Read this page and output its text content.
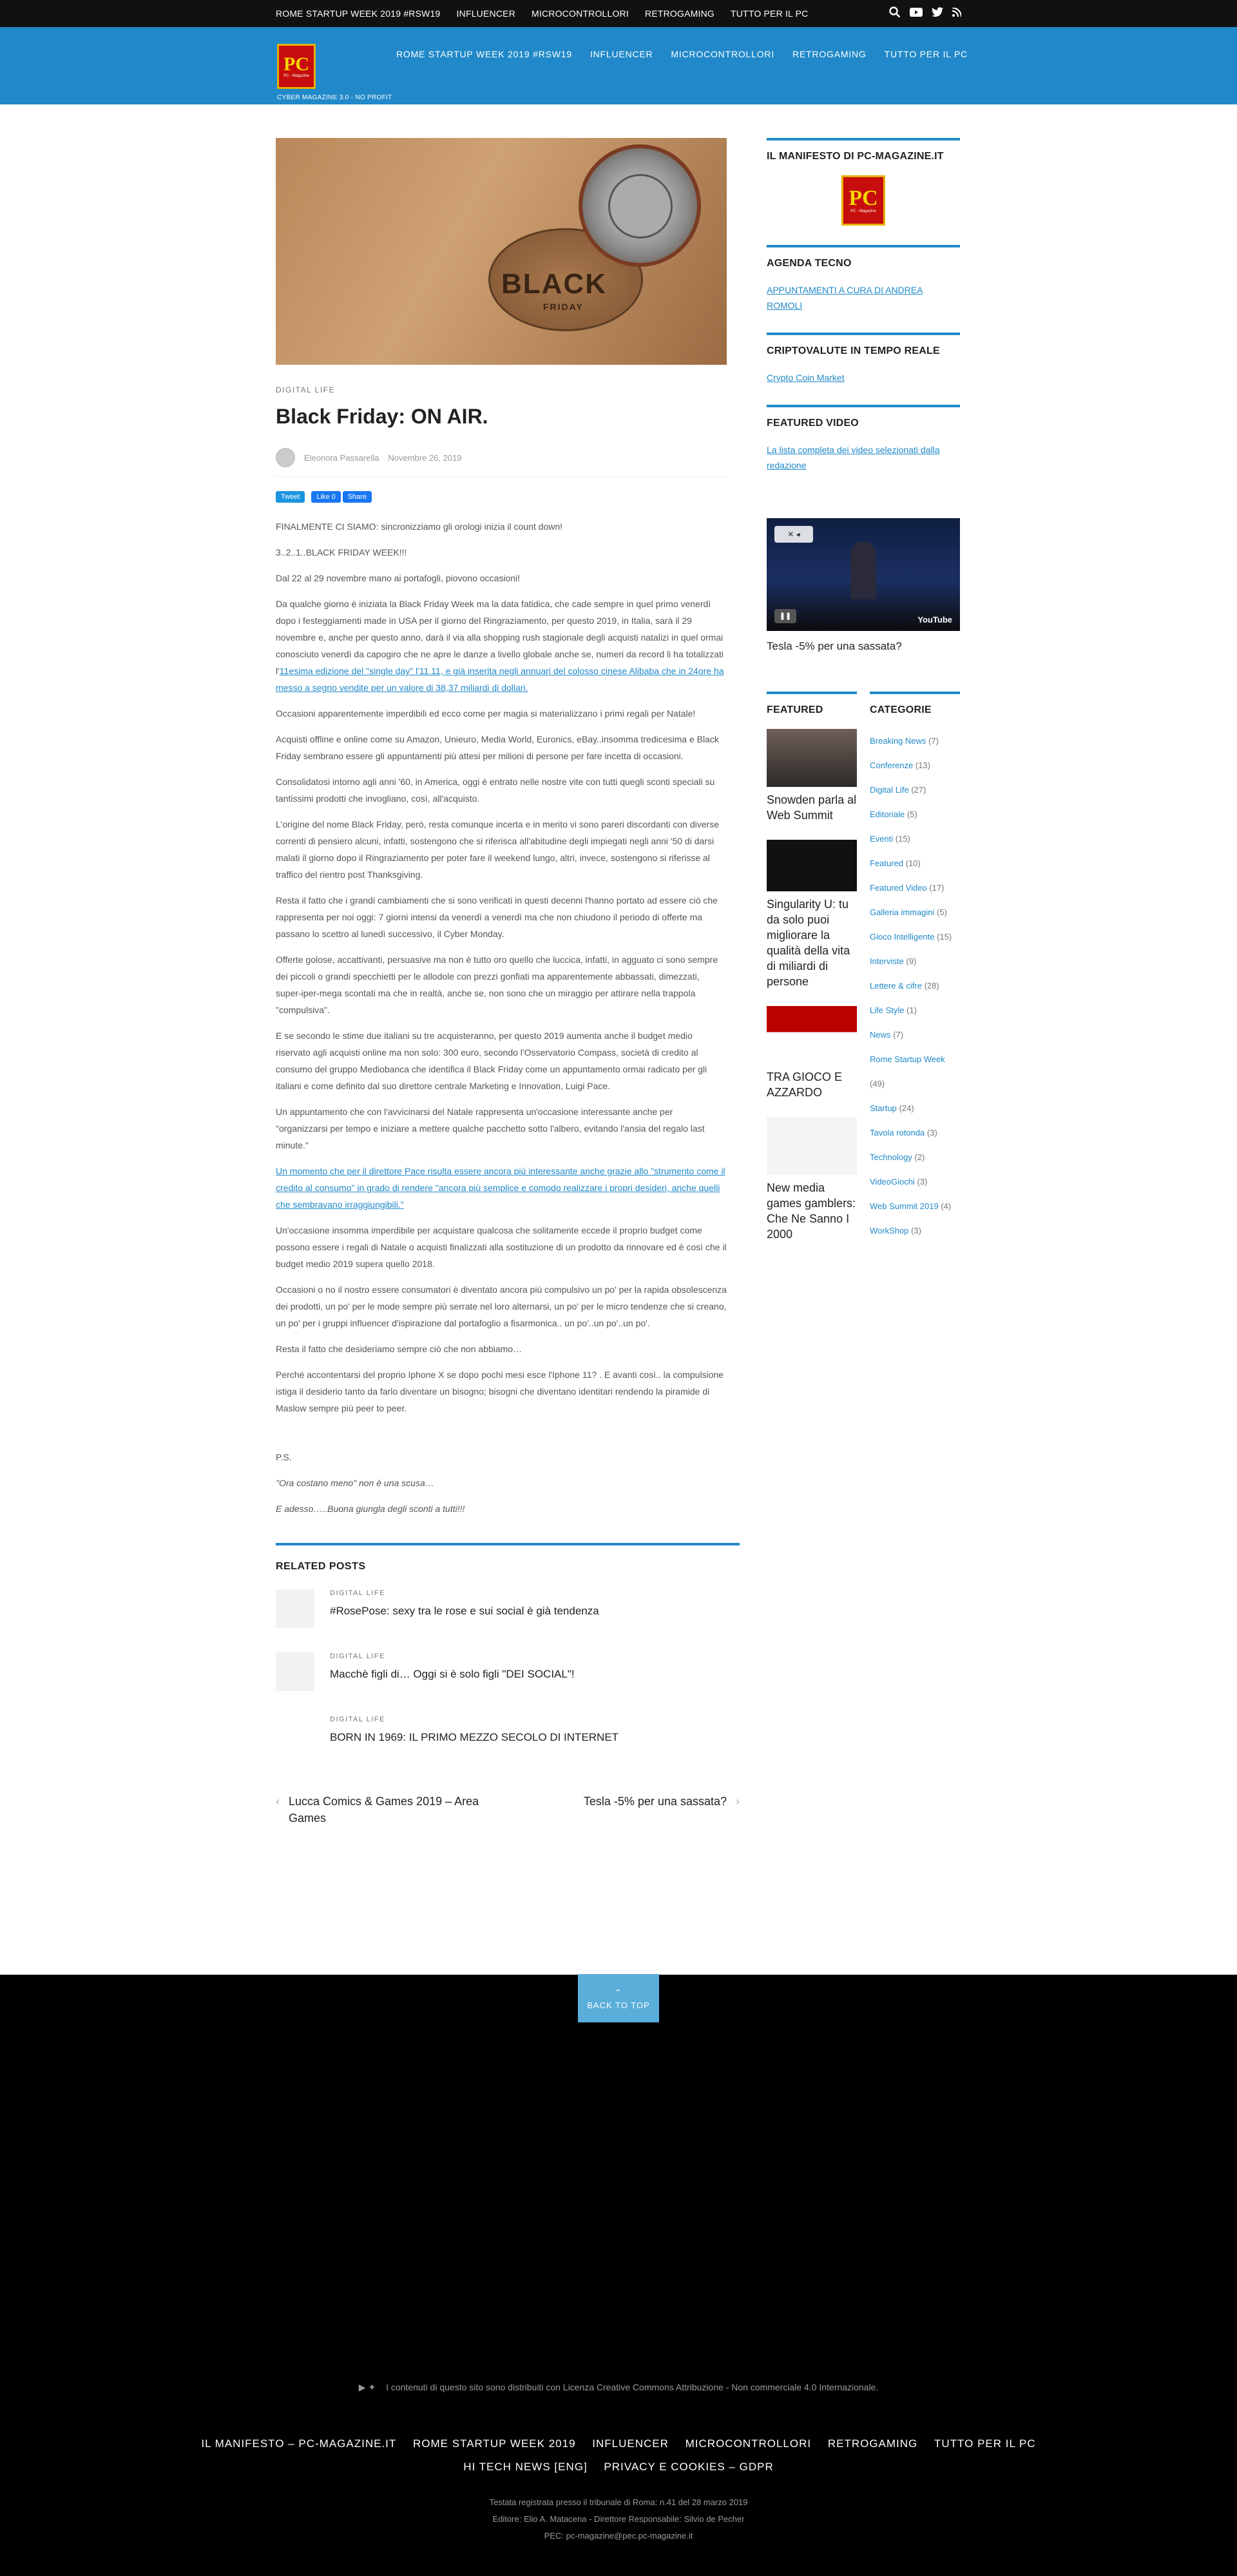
ROME STARTUP WEEK 2019 #RSW19 INFLUENCER MICROCONTROLLORI RETROGAMING TUTTO PER IL PC
PC
PC - Magazine
CYBER MAGAZINE 3.0 - NO PROFIT
ROME STARTUP WEEK 2019 #RSW19 INFLUENCER MICROCONTROLLORI RETROGAMING TUTTO PER IL PC
BLACK
FRIDAY
DIGITAL LIFE
Black Friday: ON AIR.
Eleonora Passarella Novembre 26, 2019
Tweet	Like 0	Share

FINALMENTE CI SIAMO: sincronizziamo gli orologi inizia il count down!

3..2..1..BLACK FRIDAY WEEK!!!

Dal 22 al 29 novembre mano ai portafogli, piovono occasioni!

Da qualche giorno è iniziata la Black Friday Week ma la data fatidica, che cade sempre in quel primo venerdì dopo i festeggiamenti made in USA per il giorno del Ringraziamento, per questo 2019, in Italia, sarà il 29 novembre e, anche per questo anno, darà il via alla shopping rush stagionale degli acquisti natalizi in quel ormai conosciuto venerdì da capogiro che ne apre le danze a livello globale anche se, numeri da record li ha totalizzati l'11esima edizione del "single day" l'11.11, e già inserita negli annuari del colosso cinese Alibaba che in 24ore ha messo a segno vendite per un valore di 38,37 miliardi di dollari.

Occasioni apparentemente imperdibili ed ecco come per magia si materializzano i primi regali per Natale!

Acquisti offline e online come su Amazon, Unieuro, Media World, Euronics, eBay..insomma tredicesima e Black Friday sembrano essere gli appuntamenti più attesi per milioni di persone per fare incetta di occasioni.

Consolidatosi intorno agli anni '60, in America, oggi è entrato nelle nostre vite con tutti quegli sconti speciali su tantissimi prodotti che invogliano, così, all'acquisto.

L'origine del nome Black Friday, però, resta comunque incerta e in merito vi sono pareri discordanti con diverse correnti di pensiero alcuni, infatti, sostengono che si riferisca all'abitudine degli impiegati negli anni '50 di darsi malati il giorno dopo il Ringraziamento per poter fare il weekend lungo, altri, invece, sostengono si riferisse al traffico del rientro post Thanksgiving.

Resta il fatto che i grandi cambiamenti che si sono verificati in questi decenni l'hanno portato ad essere ciò che rappresenta per noi oggi: 7 giorni intensi da venerdì a venerdì ma che non chiudono il periodo di offerte ma passano lo scettro al lunedì successivo, il Cyber Monday.

Offerte golose, accattivanti, persuasive ma non è tutto oro quello che luccica, infatti, in agguato ci sono sempre dei piccoli o grandi specchietti per le allodole con prezzi gonfiati ma apparentemente abbassati, dimezzati, super-iper-mega scontati ma che in realtà, anche se, non sono che un miraggio per attirare nella trappola "compulsiva".

E se secondo le stime due italiani su tre acquisteranno, per questo 2019 aumenta anche il budget medio riservato agli acquisti online ma non solo: 300 euro, secondo l'Osservatorio Compass, società di credito al consumo del gruppo Mediobanca che identifica il Black Friday come un appuntamento ormai radicato per gli italiani e come definito dal suo direttore centrale Marketing e Innovation, Luigi Pace.

Un appuntamento che con l'avvicinarsi del Natale rappresenta un'occasione interessante anche per "organizzarsi per tempo e iniziare a mettere qualche pacchetto sotto l'albero, evitando l'ansia del regalo last minute."

Un momento che per il direttore Pace risulta essere ancora più interessante anche grazie allo "strumento come il credito al consumo" in grado di rendere "ancora più semplice e comodo realizzare i propri desideri, anche quelli che sembravano irraggiungibili."

Un'occasione insomma imperdibile per acquistare qualcosa che solitamente eccede il proprio budget come possono essere i regali di Natale o acquisti finalizzati alla sostituzione di un prodotto da rinnovare ed è così che il budget medio 2019 supera quello 2018.

Occasioni o no il nostro essere consumatori è diventato ancora più compulsivo un po' per la rapida obsolescenza dei prodotti, un po' per le mode sempre più serrate nel loro alternarsi, un po' per le micro tendenze che si creano, un po' per i gruppi influencer d'ispirazione dal portafoglio a fisarmonica.. un po'..un po'..un po'.

Resta il fatto che desideriamo sempre ciò che non abbiamo…

Perché accontentarsi del proprio Iphone X se dopo pochi mesi esce l'Iphone 11? . E avanti così.. la compulsione istiga il desiderio tanto da farlo diventare un bisogno; bisogni che diventano identitari rendendo la piramide di Maslow sempre più peer to peer.

P.S.

"Ora costano meno" non è una scusa…

E adesso…..Buona giungla degli sconti a tutti!!!

RELATED POSTS
DIGITAL LIFE
#RosePose: sexy tra le rose e sui social è già tendenza
DIGITAL LIFE
Macchè figli di… Oggi si è solo figli "DEI SOCIAL"!
DIGITAL LIFE
BORN IN 1969: IL PRIMO MEZZO SECOLO DI INTERNET
‹ Lucca Comics & Games 2019 – Area Games
Tesla -5% per una sassata? ›
IL MANIFESTO DI PC-MAGAZINE.IT
PC
PC - Magazine
AGENDA TECNO
APPUNTAMENTI A CURA DI ANDREA ROMOLI
CRIPTOVALUTE IN TEMPO REALE
Crypto Coin Market
FEATURED VIDEO
La lista completa dei video selezionati dalla redazione
✕ ◂
❚❚	YouTube
Tesla -5% per una sassata?
FEATURED
Snowden parla al Web Summit
Singularity U: tu da solo puoi migliorare la qualità della vita di miliardi di persone
TRA GIOCO E AZZARDO
New media games gamblers: Che Ne Sanno I 2000
CATEGORIE
Breaking News (7)
Conferenze (13)
Digital Life (27)
Editoriale (5)
Eventi (15)
Featured (10)
Featured Video (17)
Galleria immagini (5)
Gioco Intelligente (15)
Interviste (9)
Lettere & cifre (28)
Life Style (1)
News (7)
Rome Startup Week (49)
Startup (24)
Tavola rotonda (3)
Technology (2)
VideoGiochi (3)
Web Summit 2019 (4)
WorkShop (3)
⌃
BACK TO TOP
▶ ✦ I contenuti di questo sito sono distribuiti con Licenza Creative Commons Attribuzione - Non commerciale 4.0 Internazionale.
IL MANIFESTO – PC-MAGAZINE.IT ROME STARTUP WEEK 2019 INFLUENCER MICROCONTROLLORI RETROGAMING TUTTO PER IL PC
HI TECH NEWS [ENG] PRIVACY E COOKIES – GDPR
Testata registrata presso il tribunale di Roma: n.41 del 28 marzo 2019
Editore: Elio A. Matacena - Direttore Responsabile: Silvio de Pecher
PEC: pc-magazine@pec.pc-magazine.it
